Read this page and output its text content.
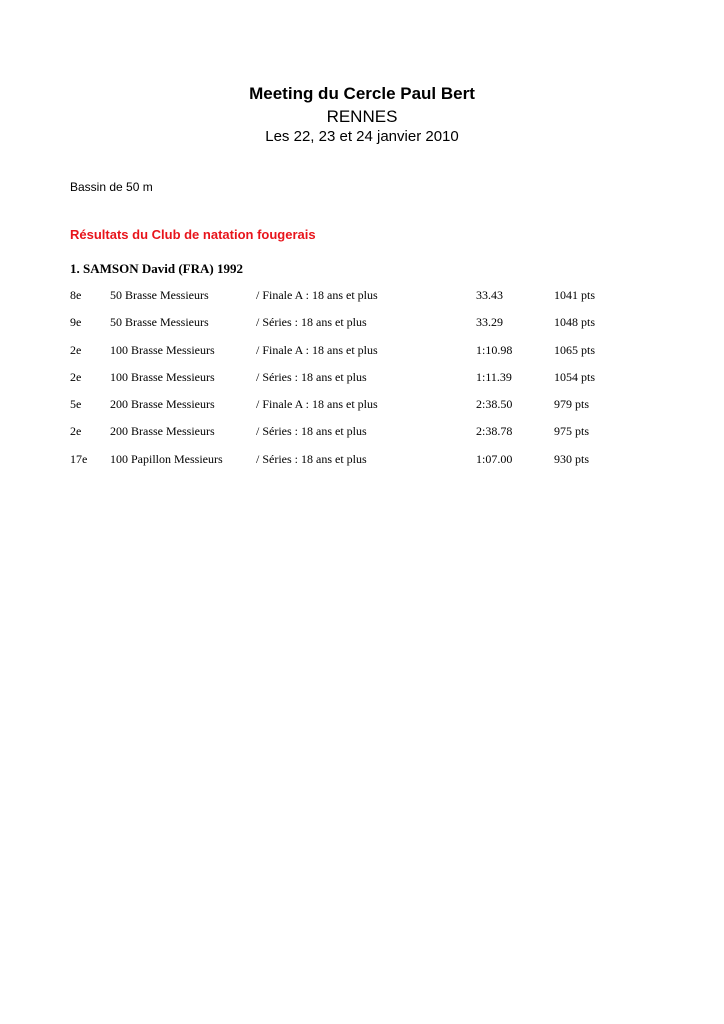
Meeting du Cercle Paul Bert
RENNES
Les 22, 23 et 24 janvier 2010
Bassin de 50 m
Résultats du Club de natation fougerais
1. SAMSON David (FRA) 1992
8e 50 Brasse Messieurs	/ Finale A : 18 ans et plus	33.43	1041 pts
9e 50 Brasse Messieurs	/ Séries : 18 ans et plus	33.29	1048 pts
2e 100 Brasse Messieurs	/ Finale A : 18 ans et plus	1:10.98	1065 pts
2e 100 Brasse Messieurs	/ Séries : 18 ans et plus	1:11.39	1054 pts
5e 200 Brasse Messieurs	/ Finale A : 18 ans et plus	2:38.50	979 pts
2e 200 Brasse Messieurs	/ Séries : 18 ans et plus	2:38.78	975 pts
17e 100 Papillon Messieurs	/ Séries : 18 ans et plus	1:07.00	930 pts
